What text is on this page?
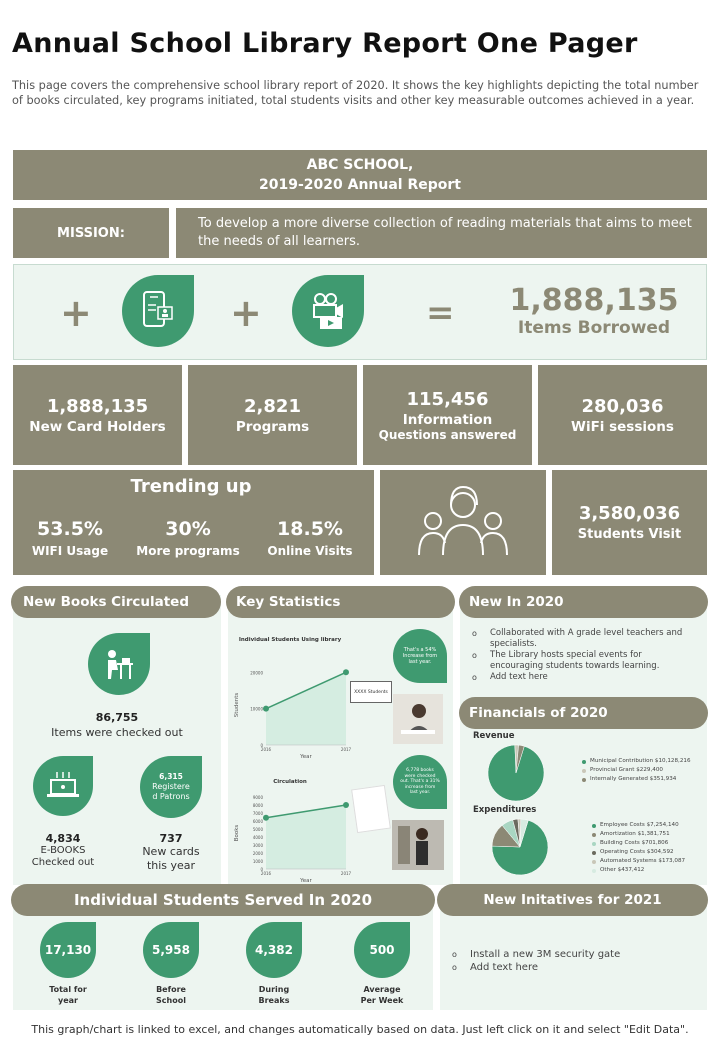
Annual School Library Report One Pager
This page covers the comprehensive school library report of 2020. It shows the key highlights depicting the total number of books circulated, key programs initiated, total students visits and other key measurable outcomes achieved in a year.
ABC SCHOOL,
2019-2020 Annual Report
MISSION:
To develop a more diverse collection of reading materials that aims to meet the needs of all learners.
+	+	= 1,888,135
Items Borrowed
1,888,135
New Card Holders
2,821
Programs
115,456
Information
Questions answered
280,036
WiFi sessions
Trending up
53.5%
WIFI Usage
30%
More programs
18.5%
Online Visits
3,580,036
Students Visit
New Books Circulated	Key Statistics	New In 2020
86,755
Items were checked out
6,315
Registere
d Patrons
4,834
E-BOOKS
Checked out
737
New cards
this year
Individual Students Using library
20000
10000
0
2016	2017
Year
Students
Circulation
9000
8000
7000
6000
5000
4000
3000
2000
1000
0
2016	2017
Year
Books
That's a 54% Increase from last year.
XXXX Students
6,778 books were checked out. That's a 31% increase from last year.
o Collaborated with A grade level teachers and specialists.
o The Library hosts special events for encouraging students towards learning.
o Add text here
Financials of 2020
Revenue
Municipal Contribution $10,128,216
Provincial Grant $229,400
Internally Generated $351,934
Expenditures
Employee Costs $7,254,140
Amortization $1,381,751
Building Costs $701,806
Operating Costs $304,592
Automated Systems $173,087
Other $437,412
Individual Students Served In 2020
17,130
Total for
year
5,958
Before
School
4,382
During
Breaks
500
Average
Per Week
New Initatives for 2021
o Install a new 3M security gate
o Add text here
This graph/chart is linked to excel, and changes automatically based on data. Just left click on it and select "Edit Data".
